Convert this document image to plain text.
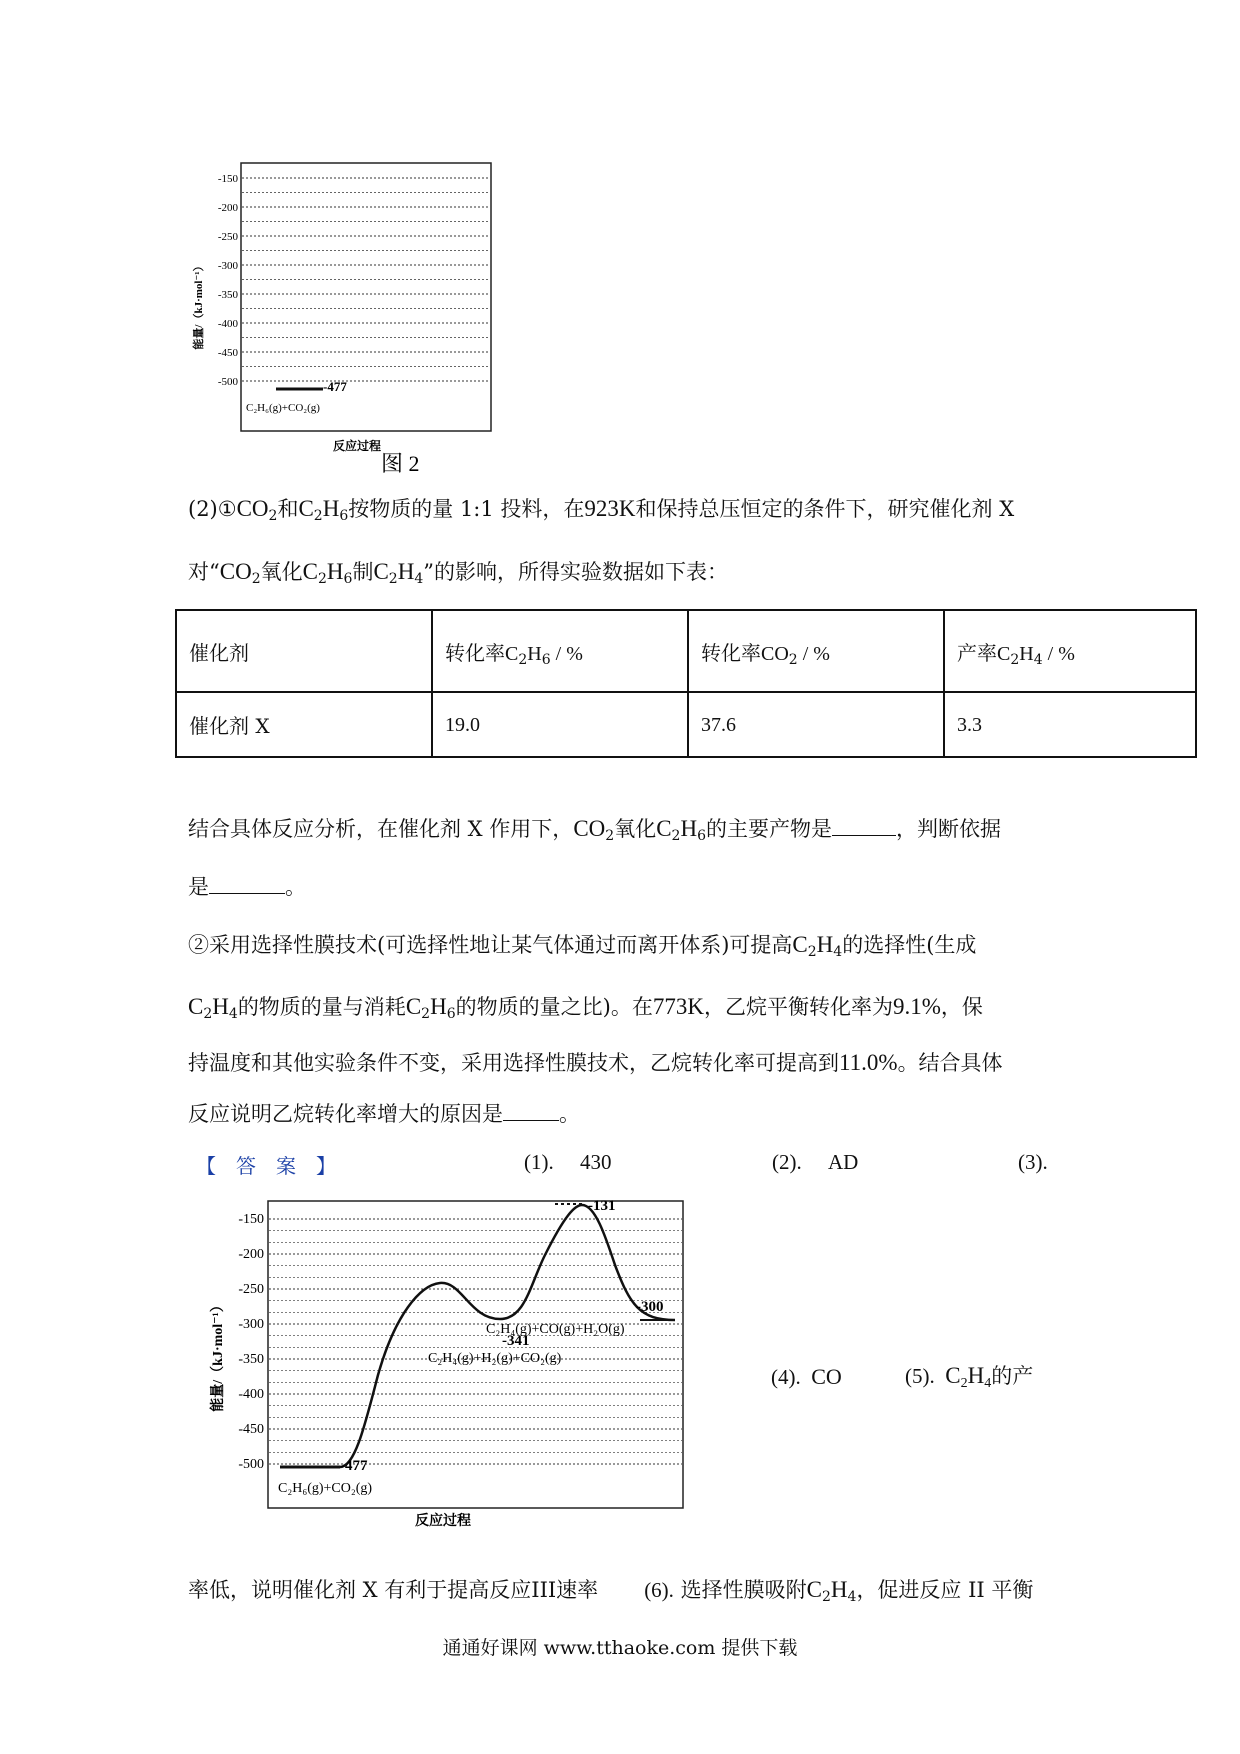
-150
-200
-250
-300
-350
-400
-450
-500	-477
C₂H₆(g)+CO₂(g)
反应过程
能量/（kJ·mol⁻¹）
图 2
$(2)①CO_2$和$C_2H_6$按物质的量 1:1 投料，在923K和保持总压恒定的条件下，研究催化剂 X
对“$CO_2$氧化$C_2H_6$制$C_2H_4$”的影响，所得实验数据如下表：
催化剂	转化率$C_2H_6$ / %	转化率$CO_2$ / %	产率$C_2H_4$ / %
催化剂 X	19.0	37.6	3.3
结合具体反应分析，在催化剂 X 作用下，$CO_2$氧化$C_2H_6$的主要产物是	，判断依据
是	。
②采用选择性膜技术(可选择性地让某气体通过而离开体系)可提高$C_2H_4$的选择性(生成
$C_2H_4$的物质的量与消耗$C_2H_6$的物质的量之比)。在773K，乙烷平衡转化率为9.1%，保
持温度和其他实验条件不变，采用选择性膜技术，乙烷转化率可提高到11.0%。结合具体
反应说明乙烷转化率增大的原因是	。
【　答　案　】	(1). 430	(2). AD	(3).
-150
-200
-250
-300
-350
-400
-450
-500	-477
C₂H₆(g)+CO₂(g)
-341
C₂H₄(g)+H₂(g)+CO₂(g)
-131
-300
C₂H₄(g)+CO(g)+H₂O(g)
反应过程
能量/（kJ·mol⁻¹）	(4). CO	(5). $C_2H_4$的产
率低，说明催化剂 X 有利于提高反应III速率 (6). 选择性膜吸附$C_2H_4$，促进反应 II 平衡
通通好课网 www.tthaoke.com 提供下载
